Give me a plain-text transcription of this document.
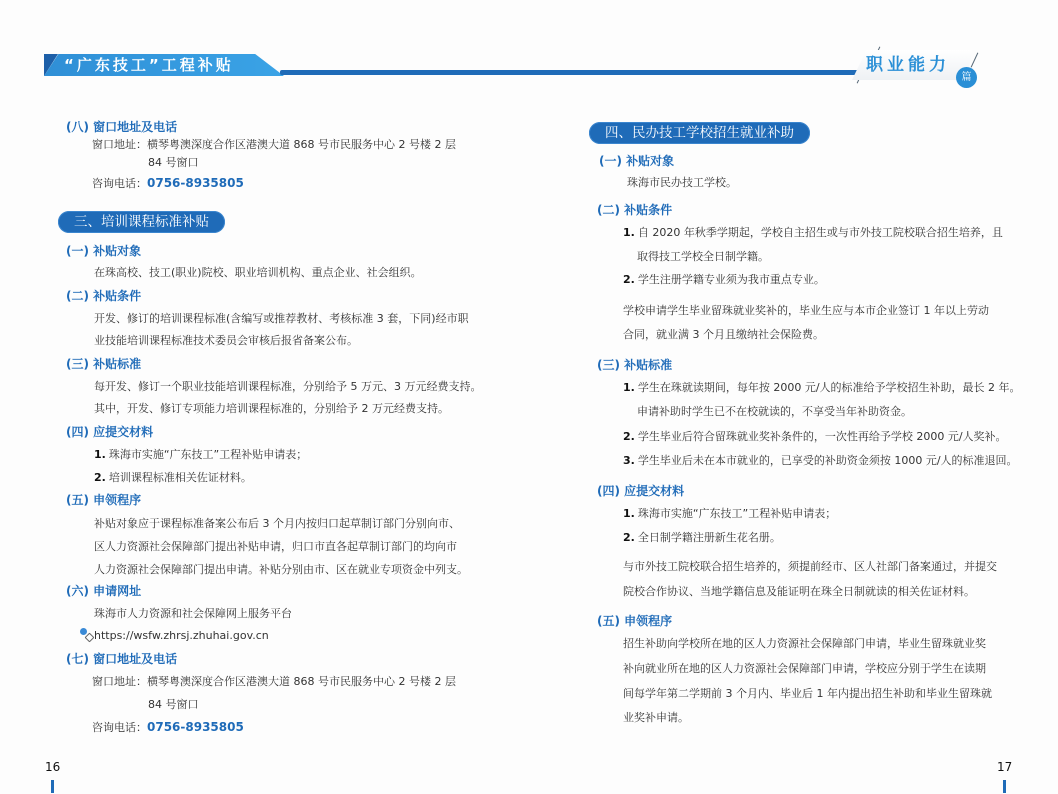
“广东技工”工程补贴	职业能力
篇
(八) 窗口地址及电话
窗口地址：横琴粤澳深度合作区港澳大道 868 号市民服务中心 2 号楼 2 层
84 号窗口
咨询电话：0756-8935805
三、培训课程标准补贴
(一) 补贴对象
在珠高校、技工(职业)院校、职业培训机构、重点企业、社会组织。
(二) 补贴条件
开发、修订的培训课程标准(含编写或推荐教材、考核标准 3 套，下同)经市职
业技能培训课程标准技术委员会审核后报省备案公布。
(三) 补贴标准
每开发、修订一个职业技能培训课程标准，分别给予 5 万元、3 万元经费支持。
其中，开发、修订专项能力培训课程标准的，分别给予 2 万元经费支持。
(四) 应提交材料
1. 珠海市实施“广东技工”工程补贴申请表；
2. 培训课程标准相关佐证材料。
(五) 申领程序
补贴对象应于课程标准备案公布后 3 个月内按归口起草制订部门分别向市、
区人力资源社会保障部门提出补贴申请，归口市直各起草制订部门的均向市
人力资源社会保障部门提出申请。补贴分别由市、区在就业专项资金中列支。
(六) 申请网址
珠海市人力资源和社会保障网上服务平台
https://wsfw.zhrsj.zhuhai.gov.cn
(七) 窗口地址及电话
窗口地址：横琴粤澳深度合作区港澳大道 868 号市民服务中心 2 号楼 2 层
84 号窗口
咨询电话：0756-8935805
16
四、民办技工学校招生就业补助
(一) 补贴对象
珠海市民办技工学校。
(二) 补贴条件
1. 自 2020 年秋季学期起，学校自主招生或与市外技工院校联合招生培养，且
取得技工学校全日制学籍。
2. 学生注册学籍专业须为我市重点专业。
学校申请学生毕业留珠就业奖补的，毕业生应与本市企业签订 1 年以上劳动
合同，就业满 3 个月且缴纳社会保险费。
(三) 补贴标准
1. 学生在珠就读期间，每年按 2000 元/人的标准给予学校招生补助，最长 2 年。
申请补助时学生已不在校就读的，不享受当年补助资金。
2. 学生毕业后符合留珠就业奖补条件的，一次性再给予学校 2000 元/人奖补。
3. 学生毕业后未在本市就业的，已享受的补助资金须按 1000 元/人的标准退回。
(四) 应提交材料
1. 珠海市实施“广东技工”工程补贴申请表；
2. 全日制学籍注册新生花名册。
与市外技工院校联合招生培养的，须提前经市、区人社部门备案通过，并提交
院校合作协议、当地学籍信息及能证明在珠全日制就读的相关佐证材料。
(五) 申领程序
招生补助向学校所在地的区人力资源社会保障部门申请，毕业生留珠就业奖
补向就业所在地的区人力资源社会保障部门申请，学校应分别于学生在读期
间每学年第二学期前 3 个月内、毕业后 1 年内提出招生补助和毕业生留珠就
业奖补申请。
17
